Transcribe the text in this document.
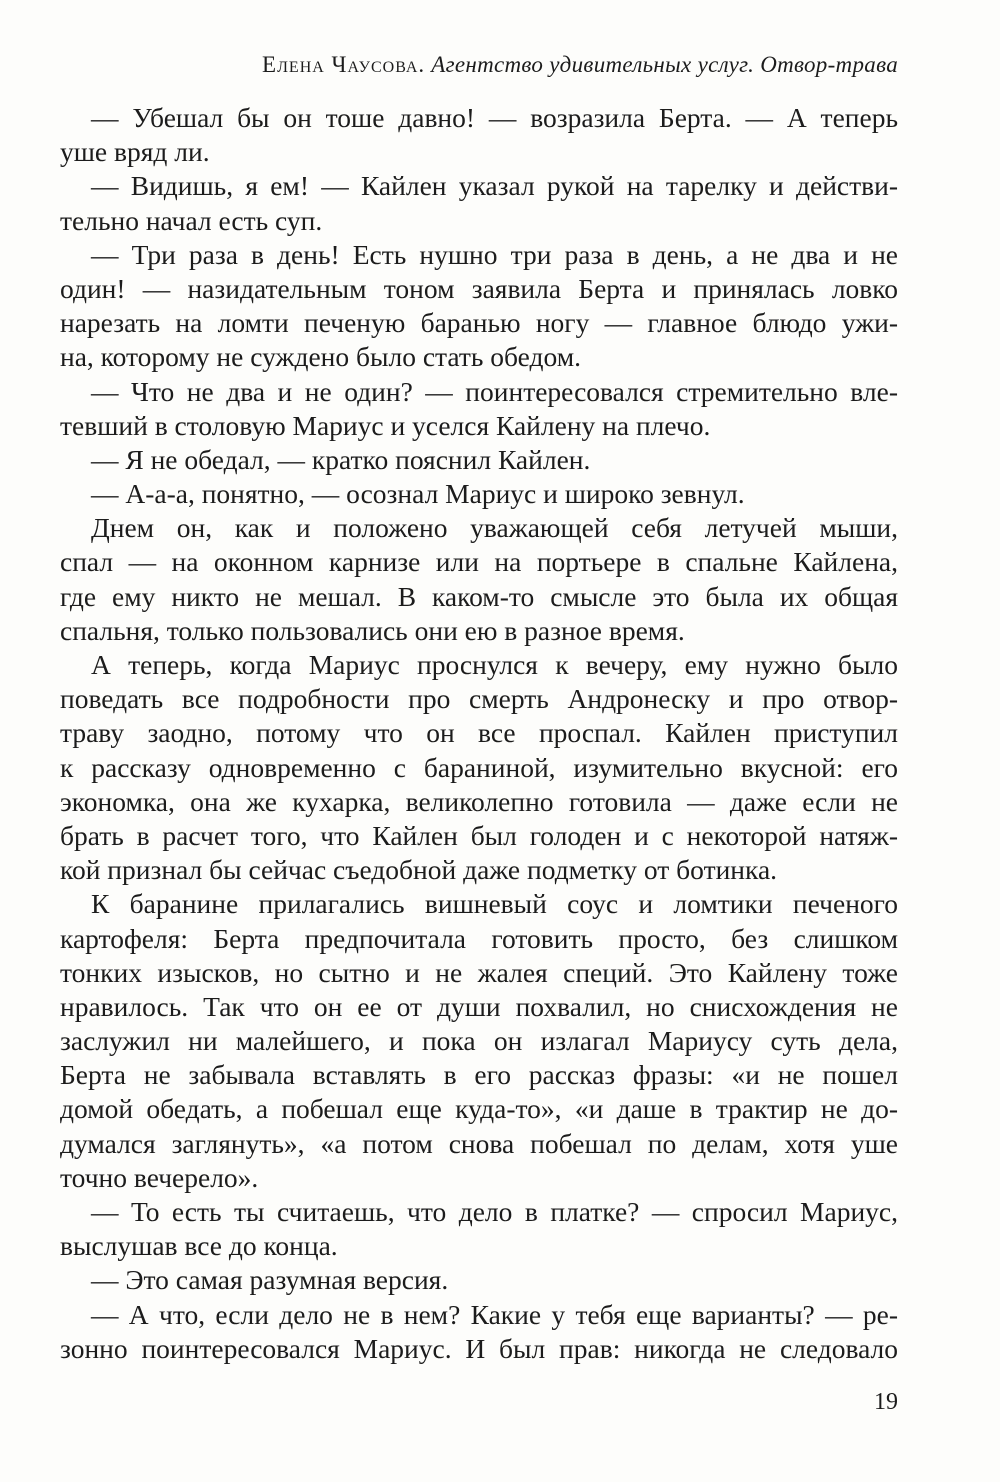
Елена Чаусова. Агентство удивительных услуг. Отвор-трава
— Убешал бы он тоше давно! — возразила Берта. — А теперь
уше вряд ли.
— Видишь, я ем! — Кайлен указал рукой на тарелку и действи-
тельно начал есть суп.
— Три раза в день! Есть нушно три раза в день, а не два и не
один! — назидательным тоном заявила Берта и принялась ловко
нарезать на ломти печеную баранью ногу — главное блюдо ужи-
на, которому не суждено было стать обедом.
— Что не два и не один? — поинтересовался стремительно вле-
тевший в столовую Мариус и уселся Кайлену на плечо.
— Я не обедал, — кратко пояснил Кайлен.
— А-а-а, понятно, — осознал Мариус и широко зевнул.
Днем он, как и положено уважающей себя летучей мыши,
спал — на оконном карнизе или на портьере в спальне Кайлена,
где ему никто не мешал. В каком-то смысле это была их общая
спальня, только пользовались они ею в разное время.
А теперь, когда Мариус проснулся к вечеру, ему нужно было
поведать все подробности про смерть Андронеску и про отвор-
траву заодно, потому что он все проспал. Кайлен приступил
к рассказу одновременно с бараниной, изумительно вкусной: его
экономка, она же кухарка, великолепно готовила — даже если не
брать в расчет того, что Кайлен был голоден и с некоторой натяж-
кой признал бы сейчас съедобной даже подметку от ботинка.
К баранине прилагались вишневый соус и ломтики печеного
картофеля: Берта предпочитала готовить просто, без слишком
тонких изысков, но сытно и не жалея специй. Это Кайлену тоже
нравилось. Так что он ее от души похвалил, но снисхождения не
заслужил ни малейшего, и пока он излагал Мариусу суть дела,
Берта не забывала вставлять в его рассказ фразы: «и не пошел
домой обедать, а побешал еще куда-то», «и даше в трактир не до-
думался заглянуть», «а потом снова побешал по делам, хотя уше
точно вечерело».
— То есть ты считаешь, что дело в платке? — спросил Мариус,
выслушав все до конца.
— Это самая разумная версия.
— А что, если дело не в нем? Какие у тебя еще варианты? — ре-
зонно поинтересовался Мариус. И был прав: никогда не следовало
19
